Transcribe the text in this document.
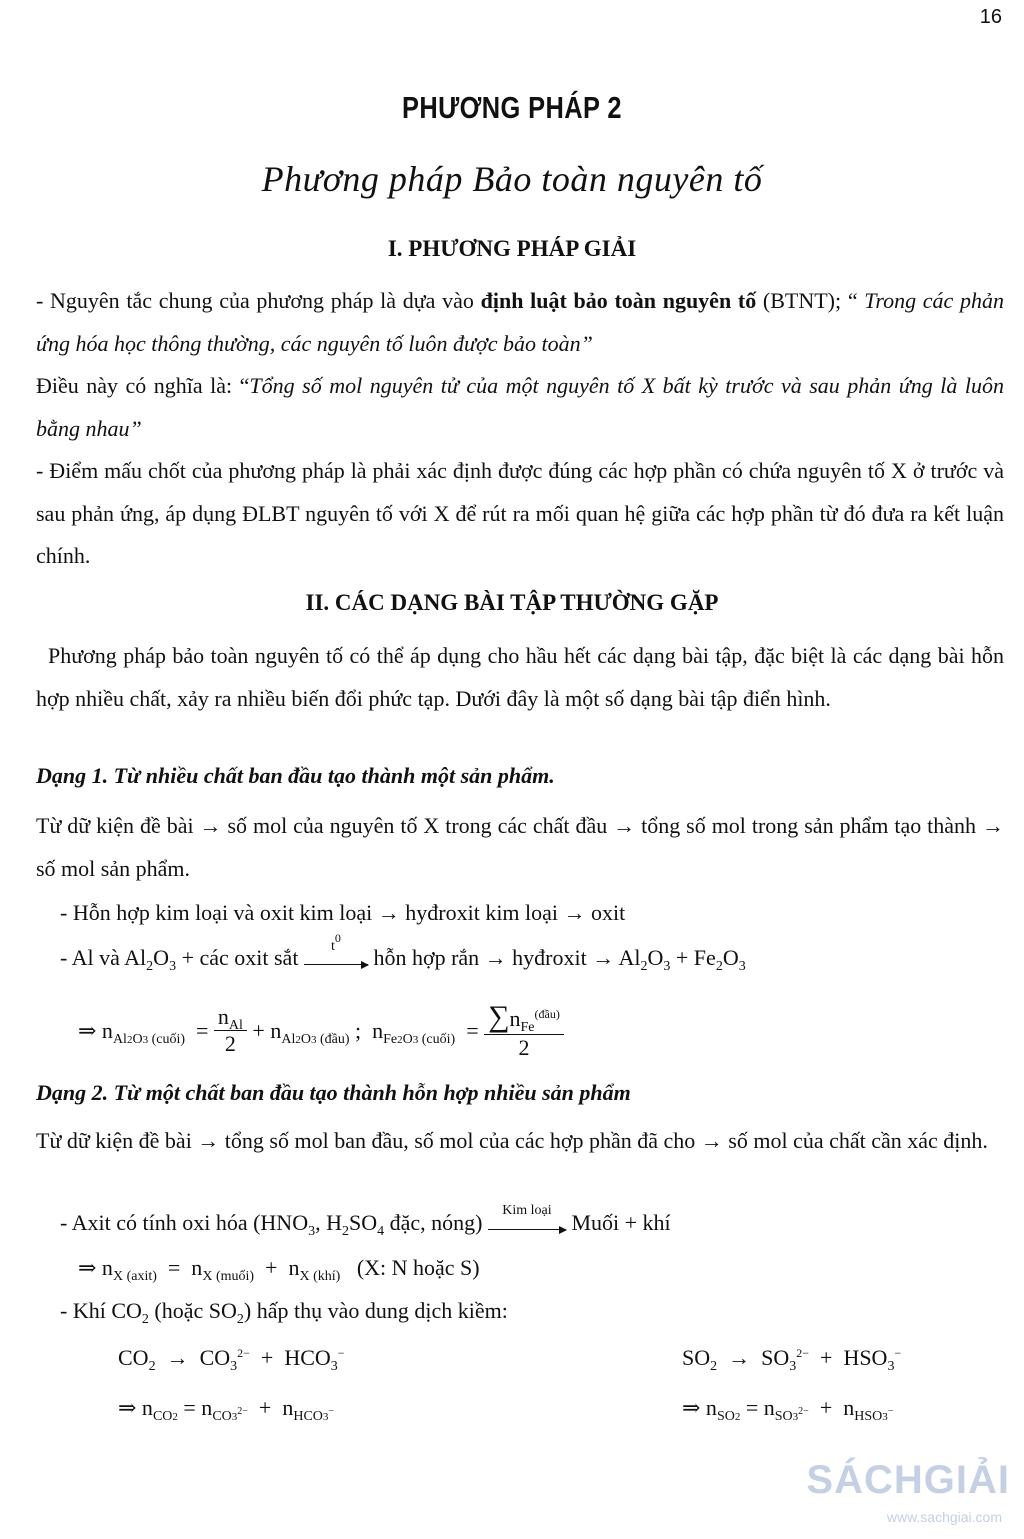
16
PHƯƠNG PHÁP 2
Phương pháp Bảo toàn nguyên tố
I. PHƯƠNG PHÁP GIẢI
- Nguyên tắc chung của phương pháp là dựa vào định luật bảo toàn nguyên tố (BTNT); “ Trong các phản ứng hóa học thông thường, các nguyên tố luôn được bảo toàn”
Điều này có nghĩa là: “Tổng số mol nguyên tử của một nguyên tố X bất kỳ trước và sau phản ứng là luôn bằng nhau”
- Điểm mấu chốt của phương pháp là phải xác định được đúng các hợp phần có chứa nguyên tố X ở trước và sau phản ứng, áp dụng ĐLBT nguyên tố với X để rút ra mối quan hệ giữa các hợp phần từ đó đưa ra kết luận chính.
II. CÁC DẠNG BÀI TẬP THƯỜNG GẶP
Phương pháp bảo toàn nguyên tố có thể áp dụng cho hầu hết các dạng bài tập, đặc biệt là các dạng bài hỗn hợp nhiều chất, xảy ra nhiều biến đổi phức tạp. Dưới đây là một số dạng bài tập điển hình.
Dạng 1. Từ nhiều chất ban đầu tạo thành một sản phẩm.
Từ dữ kiện đề bài → số mol của nguyên tố X trong các chất đầu → tổng số mol trong sản phẩm tạo thành → số mol sản phẩm.
- Hỗn hợp kim loại và oxit kim loại → hyđroxit kim loại → oxit
- Al và $Al_2O_3$ + các oxit sắt	$t^0$
hỗn hợp rắn → hyđroxit → $Al_2O_3 + Fe_2O_3$
⇒ $n_{Al2O3 (cuối)} = \frac{n_{Al}}{2} + n_{Al2O3 (đầu)}$ ;  $n_{Fe2O3 (cuối)} = \frac{\sum n_{Fe}^{(đầu)}}{2}$
Dạng 2. Từ một chất ban đầu tạo thành hỗn hợp nhiều sản phẩm
Từ dữ kiện đề bài → tổng số mol ban đầu, số mol của các hợp phần đã cho → số mol của chất cần xác định.
- Axit có tính oxi hóa ($HNO_3$, $H_2SO_4$ đặc, nóng)	Kim loại Muối + khí
⇒ $n_{X (axit)} = n_{X (muối)} + n_{X (khí)}$ (X: N hoặc S)
- Khí $CO_2$ (hoặc $SO_2$) hấp thụ vào dung dịch kiềm:
$CO_2 \to CO_3^{2-} + HCO_3^-$	$SO_2 \to SO_3^{2-} + HSO_3^-$
⇒ $n_{CO2} = n_{CO3^{2-}} + n_{HCO3^-}$	⇒ $n_{SO2} = n_{SO3^{2-}} + n_{HSO3^-}$
SÁCHGIẢI
www.sachgiai.com
